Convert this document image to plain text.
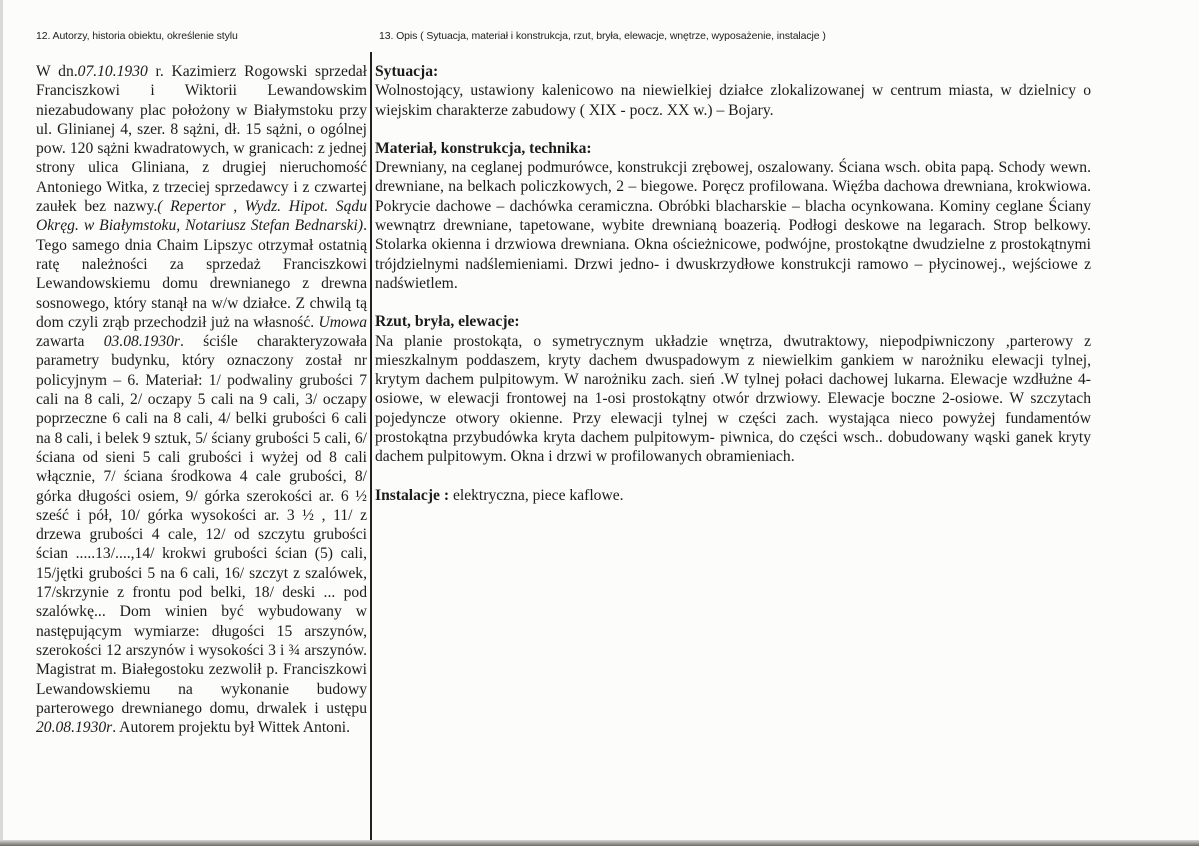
12. Autorzy, historia obiektu, określenie stylu	13. Opis ( Sytuacja, materiał i konstrukcja, rzut, bryła, elewacje, wnętrze, wyposażenie, instalacje )

W dn.07.10.1930 r. Kazimierz Rogowski sprzedał Franciszkowi i Wiktorii Lewandowskim niezabudowany plac położony w Białymstoku przy ul. Glinianej 4, szer. 8 sążni, dł. 15 sążni, o ogólnej pow. 120 sążni kwadratowych, w granicach: z jednej strony ulica Gliniana, z drugiej nieruchomość Antoniego Witka, z trzeciej sprzedawcy i z czwartej zaułek bez nazwy.( Repertor , Wydz. Hipot. Sądu Okręg. w Białymstoku, Notariusz Stefan Bednarski). Tego samego dnia Chaim Lipszyc otrzymał ostatnią ratę należności za sprzedaż Franciszkowi Lewandowskiemu domu drewnianego z drewna sosnowego, który stanął na w/w działce. Z chwilą tą dom czyli zrąb przechodził już na własność. Umowa zawarta 03.08.1930r. ściśle charakteryzowała parametry budynku, który oznaczony został nr policyjnym – 6. Materiał: 1/ podwaliny grubości 7 cali na 8 cali, 2/ oczapy 5 cali na 9 cali, 3/ oczapy poprzeczne 6 cali na 8 cali, 4/ belki grubości 6 cali na 8 cali, i belek 9 sztuk, 5/ ściany grubości 5 cali, 6/ ściana od sieni 5 cali grubości i wyżej od 8 cali włącznie, 7/ ściana środkowa 4 cale grubości, 8/ górka długości osiem, 9/ górka szerokości ar. 6 ½ sześć i pół, 10/ górka wysokości ar. 3 ½ , 11/ z drzewa grubości 4 cale, 12/ od szczytu grubości ścian .....13/....,14/ krokwi grubości ścian (5) cali, 15/jętki grubości 5 na 6 cali, 16/ szczyt z szalówek, 17/skrzynie z frontu pod belki, 18/ deski ... pod szalówkę... Dom winien być wybudowany w następującym wymiarze: długości 15 arszynów, szerokości 12 arszynów i wysokości 3 i ¾ arszynów. Magistrat m. Białegostoku zezwolił p. Franciszkowi Lewandowskiemu na wykonanie budowy parterowego drewnianego domu, drwalek i ustępu 20.08.1930r. Autorem projektu był Wittek Antoni.

Sytuacja:

Wolnostojący, ustawiony kalenicowo na niewielkiej działce zlokalizowanej w centrum miasta, w dzielnicy o wiejskim charakterze zabudowy ( XIX - pocz. XX w.) – Bojary.

Materiał, konstrukcja, technika:

Drewniany, na ceglanej podmurówce, konstrukcji zrębowej, oszalowany. Ściana wsch. obita papą. Schody wewn. drewniane, na belkach policzkowych, 2 – biegowe. Poręcz profilowana. Więźba dachowa drewniana, krokwiowa. Pokrycie dachowe – dachówka ceramiczna. Obróbki blacharskie – blacha ocynkowana. Kominy ceglane Ściany wewnątrz drewniane, tapetowane, wybite drewnianą boazerią. Podłogi deskowe na legarach. Strop belkowy. Stolarka okienna i drzwiowa drewniana. Okna ościeżnicowe, podwójne, prostokątne dwudzielne z prostokątnymi trójdzielnymi nadślemieniami. Drzwi jedno- i dwuskrzydłowe konstrukcji ramowo – płycinowej., wejściowe z nadświetlem.

Rzut, bryła, elewacje:

Na planie prostokąta, o symetrycznym układzie wnętrza, dwutraktowy, niepodpiwniczony ,parterowy z mieszkalnym poddaszem, kryty dachem dwuspadowym z niewielkim gankiem w narożniku elewacji tylnej, krytym dachem pulpitowym. W narożniku zach. sień .W tylnej połaci dachowej lukarna. Elewacje wzdłużne 4-osiowe, w elewacji frontowej na 1-osi prostokątny otwór drzwiowy. Elewacje boczne 2-osiowe. W szczytach pojedyncze otwory okienne. Przy elewacji tylnej w części zach. wystająca nieco powyżej fundamentów prostokątna przybudówka kryta dachem pulpitowym- piwnica, do części wsch.. dobudowany wąski ganek kryty dachem pulpitowym. Okna i drzwi w profilowanych obramieniach.

Instalacje : elektryczna, piece kaflowe.
